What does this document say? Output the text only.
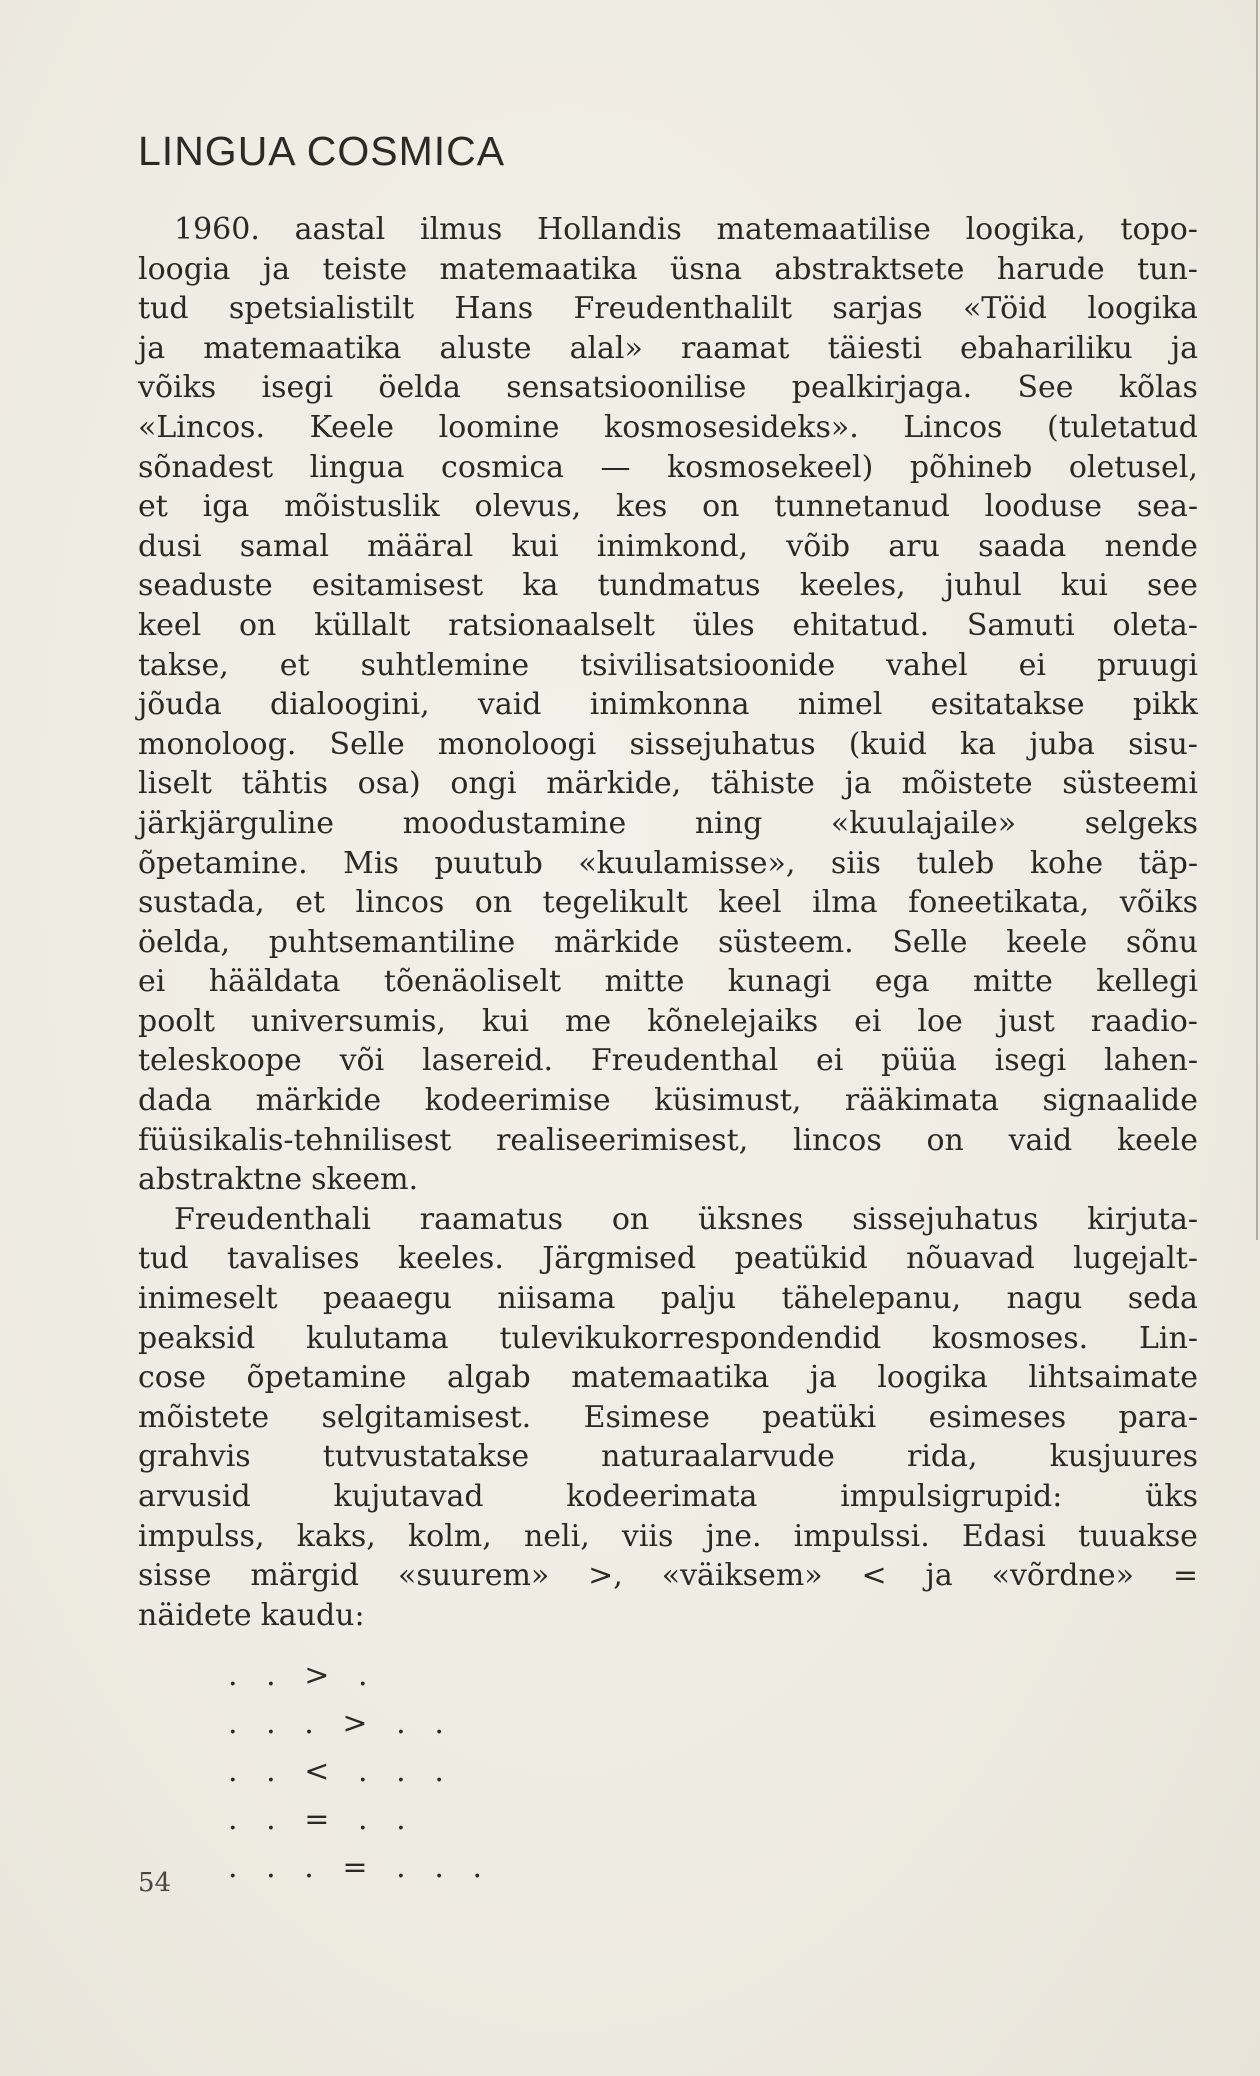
LINGUA COSMICA
1960. aastal ilmus Hollandis matemaatilise loogika, topo-
loogia ja teiste matemaatika üsna abstraktsete harude tun-
tud spetsialistilt Hans Freudenthalilt sarjas «Töid loogika
ja matemaatika aluste alal» raamat täiesti ebahariliku ja
võiks isegi öelda sensatsioonilise pealkirjaga. See kõlas
«Lincos. Keele loomine kosmosesideks». Lincos (tuletatud
sõnadest lingua cosmica — kosmosekeel) põhineb oletusel,
et iga mõistuslik olevus, kes on tunnetanud looduse sea-
dusi samal määral kui inimkond, võib aru saada nende
seaduste esitamisest ka tundmatus keeles, juhul kui see
keel on küllalt ratsionaalselt üles ehitatud. Samuti oleta-
takse, et suhtlemine tsivilisatsioonide vahel ei pruugi
jõuda dialoogini, vaid inimkonna nimel esitatakse pikk
monoloog. Selle monoloogi sissejuhatus (kuid ka juba sisu-
liselt tähtis osa) ongi märkide, tähiste ja mõistete süsteemi
järkjärguline moodustamine ning «kuulajaile» selgeks
õpetamine. Mis puutub «kuulamisse», siis tuleb kohe täp-
sustada, et lincos on tegelikult keel ilma foneetikata, võiks
öelda, puhtsemantiline märkide süsteem. Selle keele sõnu
ei hääldata tõenäoliselt mitte kunagi ega mitte kellegi
poolt universumis, kui me kõnelejaiks ei loe just raadio-
teleskoope või lasereid. Freudenthal ei püüa isegi lahen-
dada märkide kodeerimise küsimust, rääkimata signaalide
füüsikalis-tehnilisest realiseerimisest, lincos on vaid keele
abstraktne skeem.
Freudenthali raamatus on üksnes sissejuhatus kirjuta-
tud tavalises keeles. Järgmised peatükid nõuavad lugejalt-
inimeselt peaaegu niisama palju tähelepanu, nagu seda
peaksid kulutama tulevikukorrespondendid kosmoses. Lin-
cose õpetamine algab matemaatika ja loogika lihtsaimate
mõistete selgitamisest. Esimese peatüki esimeses para-
grahvis tutvustatakse naturaalarvude rida, kusjuures
arvusid	kujutavad	kodeerimata	impulsigrupid:	üks
impulss, kaks, kolm, neli, viis jne. impulssi. Edasi tuuakse
sisse märgid «suurem» >, «väiksem» < ja «võrdne» =
näidete kaudu:
.   .   >   .
.   .   .   >   .   .
.   .   <   .   .   .
.   .   =   .   .
.   .   .   =   .   .   .
54
